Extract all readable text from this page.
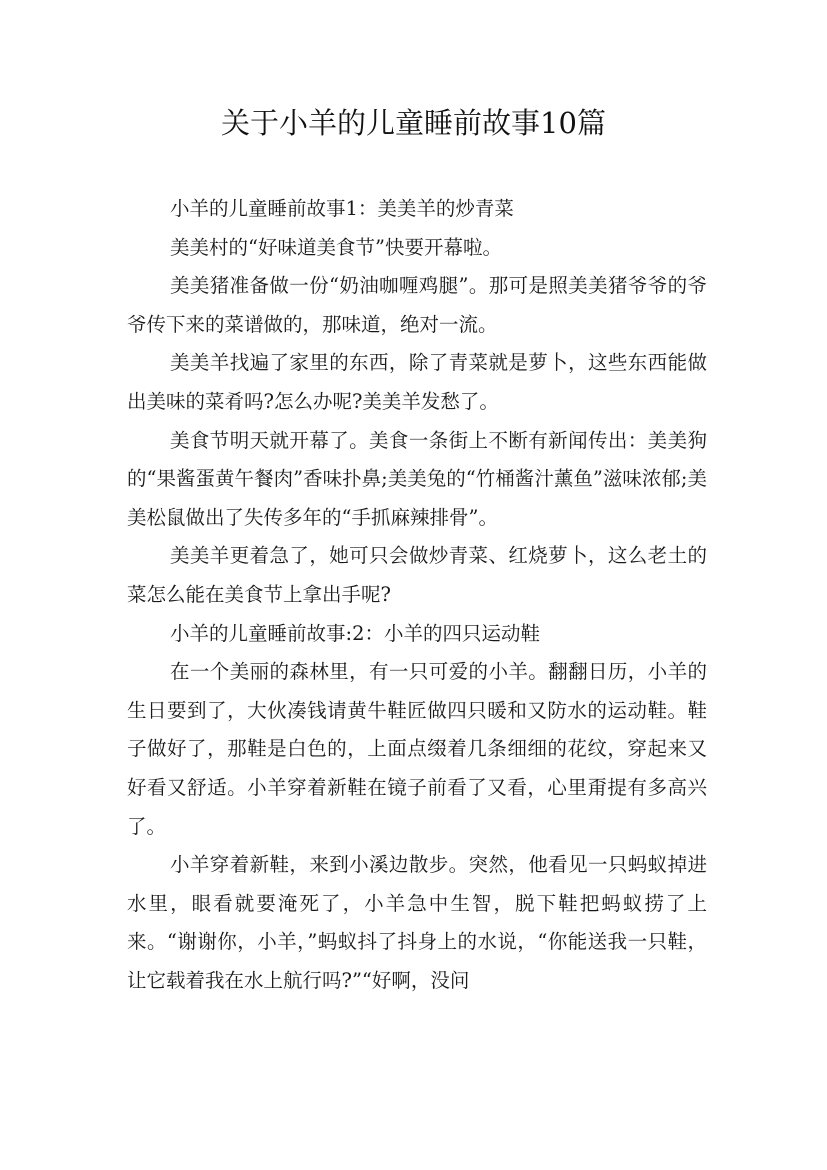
关于小羊的儿童睡前故事10篇

小羊的儿童睡前故事1：美美羊的炒青菜

美美村的“好味道美食节”快要开幕啦。

美美猪准备做一份“奶油咖喱鸡腿”。那可是照美美猪爷爷的爷爷传下来的菜谱做的，那味道，绝对一流。

美美羊找遍了家里的东西，除了青菜就是萝卜，这些东西能做出美味的菜肴吗?怎么办呢?美美羊发愁了。

美食节明天就开幕了。美食一条街上不断有新闻传出：美美狗的“果酱蛋黄午餐肉”香味扑鼻;美美兔的“竹桶酱汁薰鱼”滋味浓郁;美美松鼠做出了失传多年的“手抓麻辣排骨”。

美美羊更着急了，她可只会做炒青菜、红烧萝卜，这么老土的菜怎么能在美食节上拿出手呢?

小羊的儿童睡前故事:2：小羊的四只运动鞋

在一个美丽的森林里，有一只可爱的小羊。翻翻日历，小羊的生日要到了，大伙凑钱请黄牛鞋匠做四只暖和又防水的运动鞋。鞋子做好了，那鞋是白色的，上面点缀着几条细细的花纹，穿起来又好看又舒适。小羊穿着新鞋在镜子前看了又看，心里甭提有多高兴了。

小羊穿着新鞋，来到小溪边散步。突然，他看见一只蚂蚁掉进水里，眼看就要淹死了，小羊急中生智，脱下鞋把蚂蚁捞了上来。“谢谢你，小羊，”蚂蚁抖了抖身上的水说，“你能送我一只鞋，让它载着我在水上航行吗?”“好啊，没问
